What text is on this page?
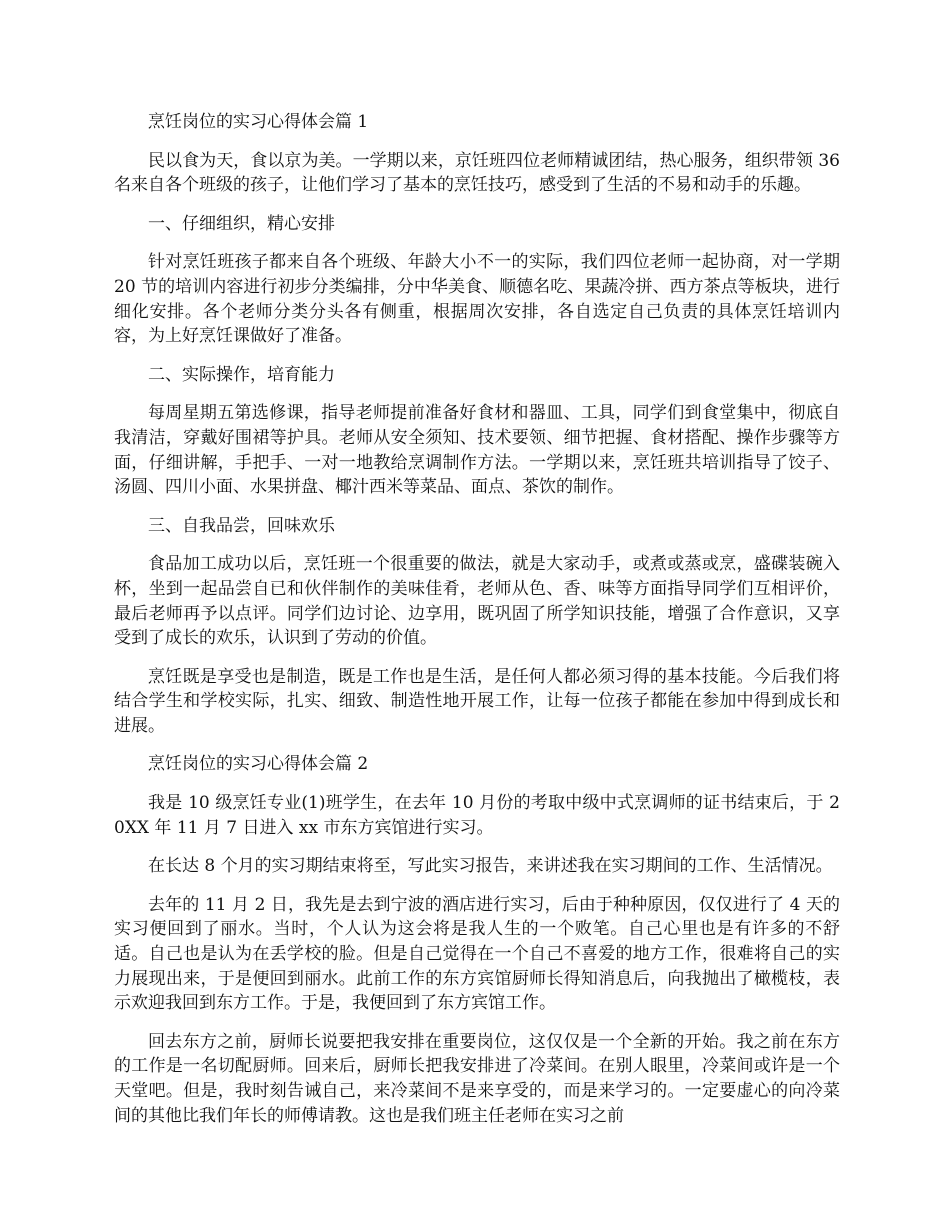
烹饪岗位的实习心得体会篇 1

民以食为天，食以京为美。一学期以来，京饪班四位老师精诚团结，热心服务，组织带领 36 名来自各个班级的孩子，让他们学习了基本的烹饪技巧，感受到了生活的不易和动手的乐趣。

一、仔细组织，精心安排

针对烹饪班孩子都来自各个班级、年龄大小不一的实际，我们四位老师一起协商，对一学期 20 节的培训内容进行初步分类编排，分中华美食、顺德名吃、果蔬冷拼、西方茶点等板块，进行细化安排。各个老师分类分头各有侧重，根据周次安排，各自选定自己负责的具体烹饪培训内容，为上好烹饪课做好了准备。

二、实际操作，培育能力

每周星期五第选修课，指导老师提前准备好食材和器皿、工具，同学们到食堂集中，彻底自我清洁，穿戴好围裙等护具。老师从安全须知、技术要领、细节把握、食材搭配、操作步骤等方面，仔细讲解，手把手、一对一地教给烹调制作方法。一学期以来，烹饪班共培训指导了饺子、汤圆、四川小面、水果拼盘、椰汁西米等菜品、面点、茶饮的制作。

三、自我品尝，回味欢乐

食品加工成功以后，烹饪班一个很重要的做法，就是大家动手，或煮或蒸或烹，盛碟装碗入杯，坐到一起品尝自已和伙伴制作的美味佳肴，老师从色、香、味等方面指导同学们互相评价，最后老师再予以点评。同学们边讨论、边享用，既巩固了所学知识技能，增强了合作意识，又享受到了成长的欢乐，认识到了劳动的价值。

烹饪既是享受也是制造，既是工作也是生活，是任何人都必须习得的基本技能。今后我们将结合学生和学校实际，扎实、细致、制造性地开展工作，让每一位孩子都能在参加中得到成长和进展。

烹饪岗位的实习心得体会篇 2

我是 10 级烹饪专业(1)班学生，在去年 10 月份的考取中级中式烹调师的证书结束后，于 20XX 年 11 月 7 日进入 xx 市东方宾馆进行实习。

在长达 8 个月的实习期结束将至，写此实习报告，来讲述我在实习期间的工作、生活情况。

去年的 11 月 2 日，我先是去到宁波的酒店进行实习，后由于种种原因，仅仅进行了 4 天的实习便回到了丽水。当时，个人认为这会将是我人生的一个败笔。自己心里也是有许多的不舒适。自己也是认为在丢学校的脸。但是自己觉得在一个自己不喜爱的地方工作，很难将自己的实力展现出来，于是便回到丽水。此前工作的东方宾馆厨师长得知消息后，向我抛出了橄榄枝，表示欢迎我回到东方工作。于是，我便回到了东方宾馆工作。

回去东方之前，厨师长说要把我安排在重要岗位，这仅仅是一个全新的开始。我之前在东方的工作是一名切配厨师。回来后，厨师长把我安排进了冷菜间。在别人眼里，冷菜间或许是一个天堂吧。但是，我时刻告诫自己，来冷菜间不是来享受的，而是来学习的。一定要虚心的向冷菜间的其他比我们年长的师傅请教。这也是我们班主任老师在实习之前
